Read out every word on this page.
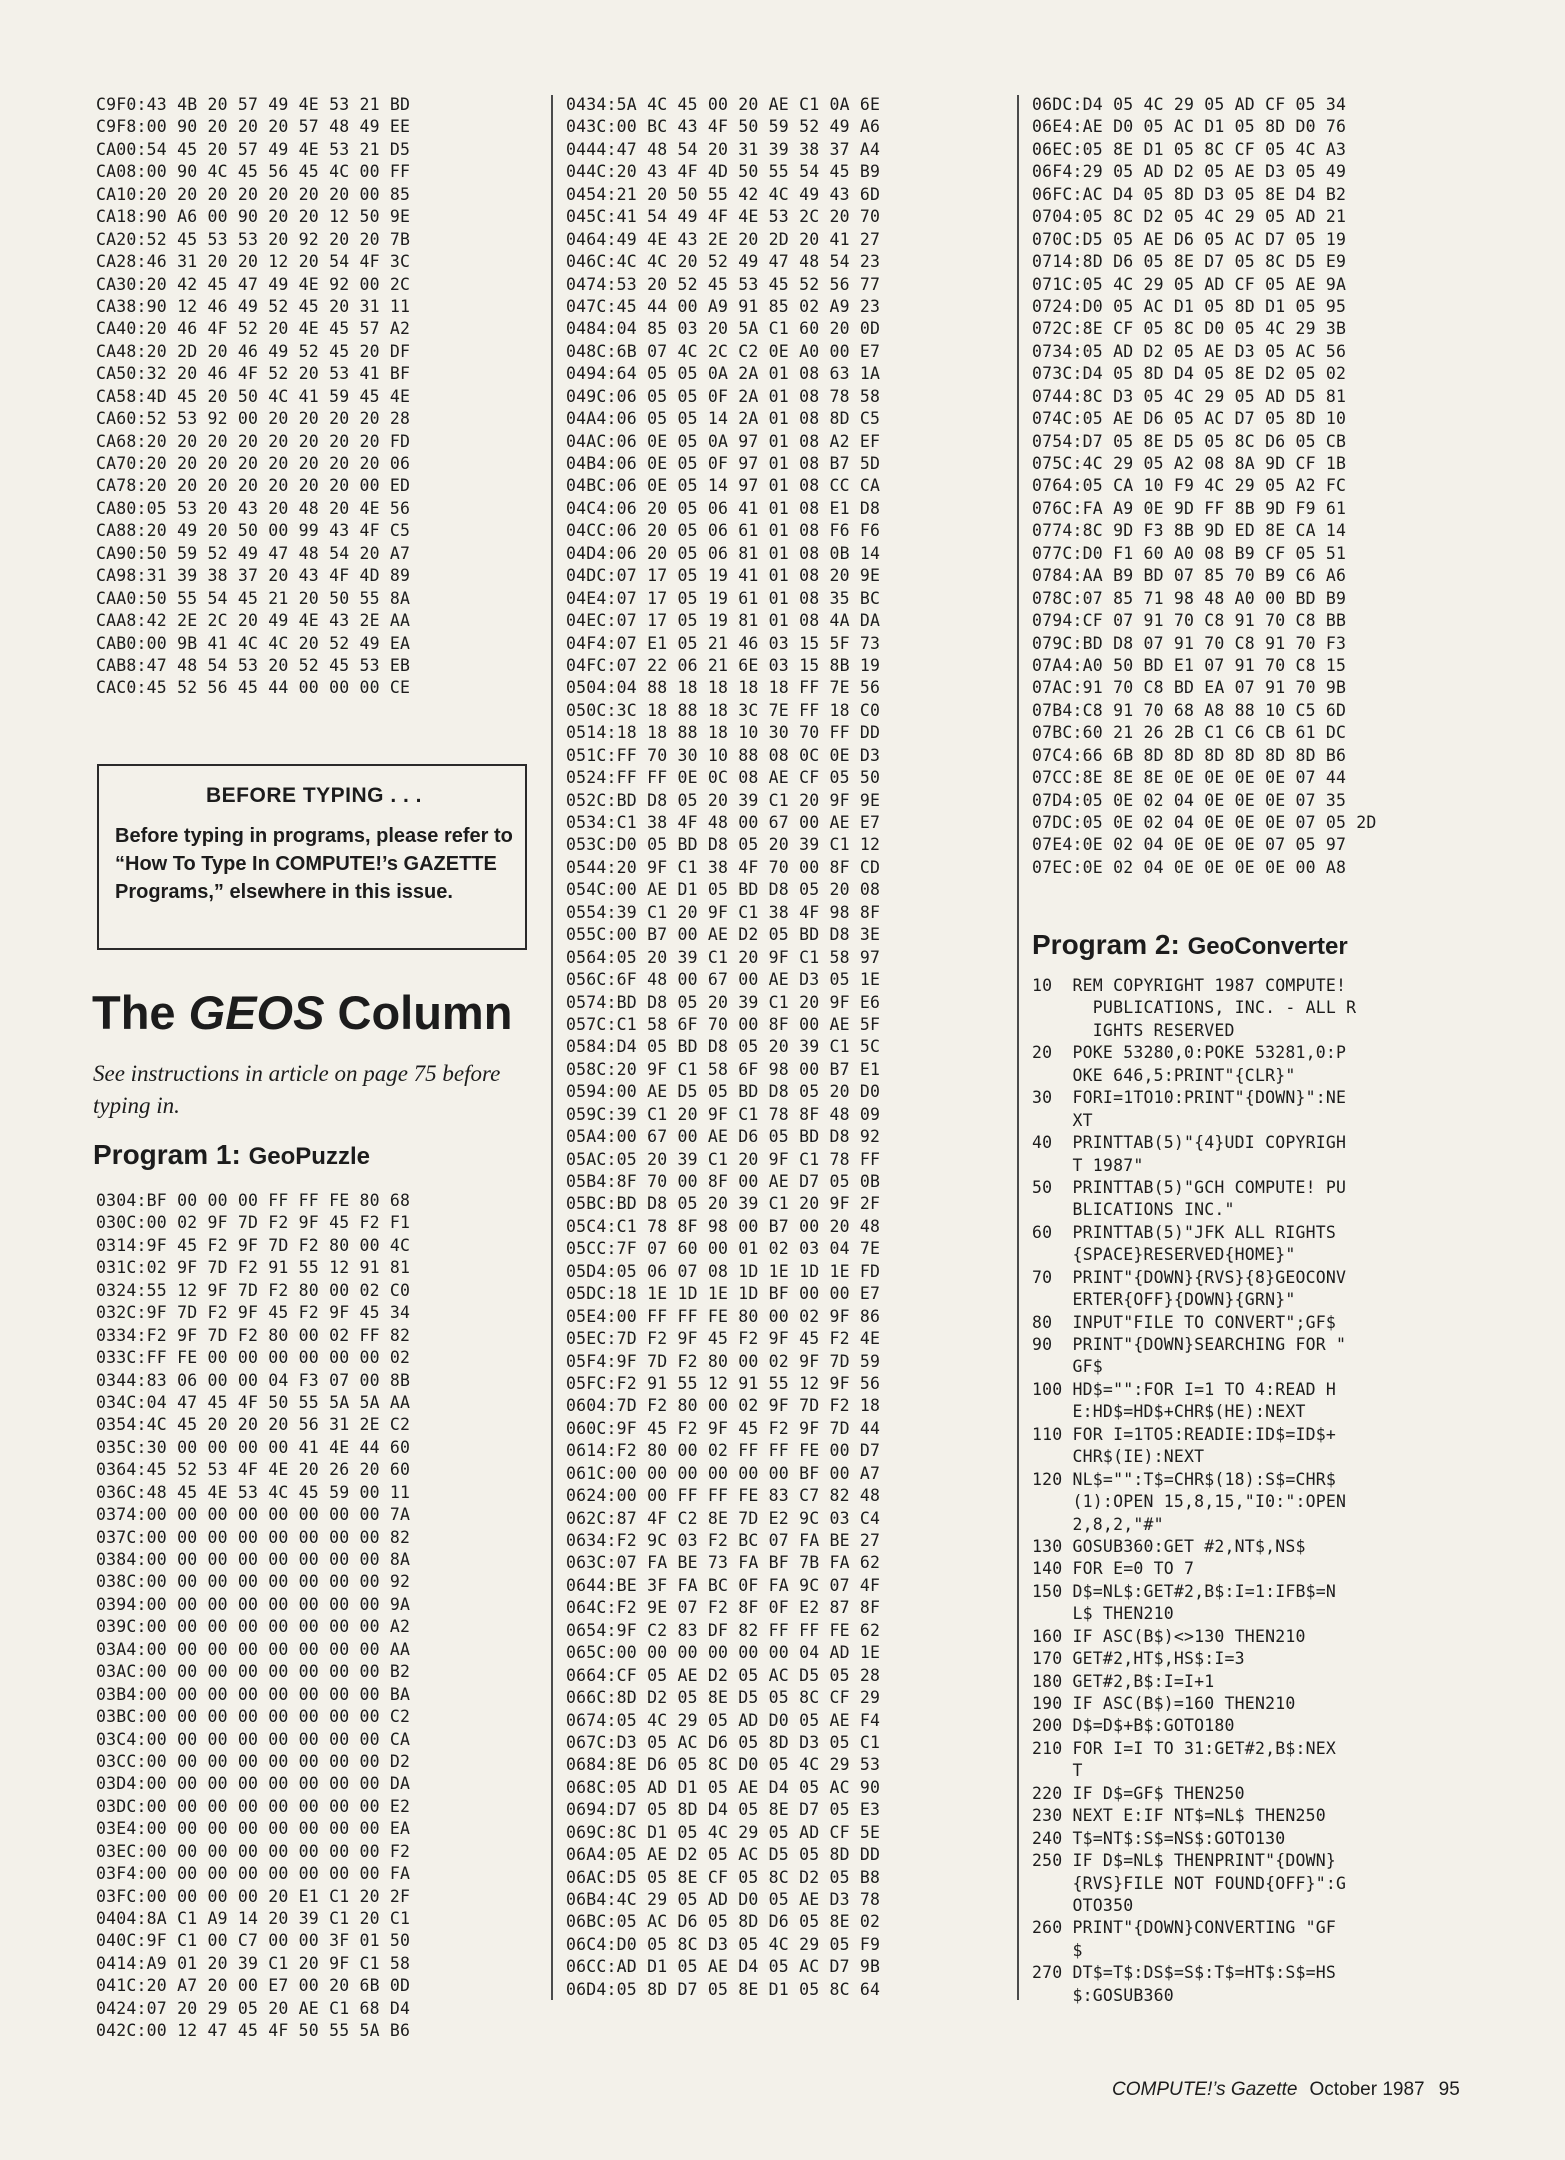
C9F0:43 4B 20 57 49 4E 53 21 BD
C9F8:00 90 20 20 20 57 48 49 EE
CA00:54 45 20 57 49 4E 53 21 D5
CA08:00 90 4C 45 56 45 4C 00 FF
CA10:20 20 20 20 20 20 20 00 85
CA18:90 A6 00 90 20 20 12 50 9E
CA20:52 45 53 53 20 92 20 20 7B
CA28:46 31 20 20 12 20 54 4F 3C
CA30:20 42 45 47 49 4E 92 00 2C
CA38:90 12 46 49 52 45 20 31 11
CA40:20 46 4F 52 20 4E 45 57 A2
CA48:20 2D 20 46 49 52 45 20 DF
CA50:32 20 46 4F 52 20 53 41 BF
CA58:4D 45 20 50 4C 41 59 45 4E
CA60:52 53 92 00 20 20 20 20 28
CA68:20 20 20 20 20 20 20 20 FD
CA70:20 20 20 20 20 20 20 20 06
CA78:20 20 20 20 20 20 20 00 ED
CA80:05 53 20 43 20 48 20 4E 56
CA88:20 49 20 50 00 99 43 4F C5
CA90:50 59 52 49 47 48 54 20 A7
CA98:31 39 38 37 20 43 4F 4D 89
CAA0:50 55 54 45 21 20 50 55 8A
CAA8:42 2E 2C 20 49 4E 43 2E AA
CAB0:00 9B 41 4C 4C 20 52 49 EA
CAB8:47 48 54 53 20 52 45 53 EB
CAC0:45 52 56 45 44 00 00 00 CE
BEFORE TYPING . . .
Before typing in programs, please refer to “How To Type In COMPUTE!’s GAZETTE Programs,” elsewhere in this issue.
The GEOS Column
See instructions in article on page 75 before typing in.
Program 1: GeoPuzzle
0304:BF 00 00 00 FF FF FE 80 68
030C:00 02 9F 7D F2 9F 45 F2 F1
0314:9F 45 F2 9F 7D F2 80 00 4C
031C:02 9F 7D F2 91 55 12 91 81
0324:55 12 9F 7D F2 80 00 02 C0
032C:9F 7D F2 9F 45 F2 9F 45 34
0334:F2 9F 7D F2 80 00 02 FF 82
033C:FF FE 00 00 00 00 00 00 02
0344:83 06 00 00 04 F3 07 00 8B
034C:04 47 45 4F 50 55 5A 5A AA
0354:4C 45 20 20 20 56 31 2E C2
035C:30 00 00 00 00 41 4E 44 60
0364:45 52 53 4F 4E 20 26 20 60
036C:48 45 4E 53 4C 45 59 00 11
0374:00 00 00 00 00 00 00 00 7A
037C:00 00 00 00 00 00 00 00 82
0384:00 00 00 00 00 00 00 00 8A
038C:00 00 00 00 00 00 00 00 92
0394:00 00 00 00 00 00 00 00 9A
039C:00 00 00 00 00 00 00 00 A2
03A4:00 00 00 00 00 00 00 00 AA
03AC:00 00 00 00 00 00 00 00 B2
03B4:00 00 00 00 00 00 00 00 BA
03BC:00 00 00 00 00 00 00 00 C2
03C4:00 00 00 00 00 00 00 00 CA
03CC:00 00 00 00 00 00 00 00 D2
03D4:00 00 00 00 00 00 00 00 DA
03DC:00 00 00 00 00 00 00 00 E2
03E4:00 00 00 00 00 00 00 00 EA
03EC:00 00 00 00 00 00 00 00 F2
03F4:00 00 00 00 00 00 00 00 FA
03FC:00 00 00 00 20 E1 C1 20 2F
0404:8A C1 A9 14 20 39 C1 20 C1
040C:9F C1 00 C7 00 00 3F 01 50
0414:A9 01 20 39 C1 20 9F C1 58
041C:20 A7 20 00 E7 00 20 6B 0D
0424:07 20 29 05 20 AE C1 68 D4
042C:00 12 47 45 4F 50 55 5A B6
0434:5A 4C 45 00 20 AE C1 0A 6E
043C:00 BC 43 4F 50 59 52 49 A6
0444:47 48 54 20 31 39 38 37 A4
044C:20 43 4F 4D 50 55 54 45 B9
0454:21 20 50 55 42 4C 49 43 6D
045C:41 54 49 4F 4E 53 2C 20 70
0464:49 4E 43 2E 20 2D 20 41 27
046C:4C 4C 20 52 49 47 48 54 23
0474:53 20 52 45 53 45 52 56 77
047C:45 44 00 A9 91 85 02 A9 23
0484:04 85 03 20 5A C1 60 20 0D
048C:6B 07 4C 2C C2 0E A0 00 E7
0494:64 05 05 0A 2A 01 08 63 1A
049C:06 05 05 0F 2A 01 08 78 58
04A4:06 05 05 14 2A 01 08 8D C5
04AC:06 0E 05 0A 97 01 08 A2 EF
04B4:06 0E 05 0F 97 01 08 B7 5D
04BC:06 0E 05 14 97 01 08 CC CA
04C4:06 20 05 06 41 01 08 E1 D8
04CC:06 20 05 06 61 01 08 F6 F6
04D4:06 20 05 06 81 01 08 0B 14
04DC:07 17 05 19 41 01 08 20 9E
04E4:07 17 05 19 61 01 08 35 BC
04EC:07 17 05 19 81 01 08 4A DA
04F4:07 E1 05 21 46 03 15 5F 73
04FC:07 22 06 21 6E 03 15 8B 19
0504:04 88 18 18 18 18 FF 7E 56
050C:3C 18 88 18 3C 7E FF 18 C0
0514:18 18 88 18 10 30 70 FF DD
051C:FF 70 30 10 88 08 0C 0E D3
0524:FF FF 0E 0C 08 AE CF 05 50
052C:BD D8 05 20 39 C1 20 9F 9E
0534:C1 38 4F 48 00 67 00 AE E7
053C:D0 05 BD D8 05 20 39 C1 12
0544:20 9F C1 38 4F 70 00 8F CD
054C:00 AE D1 05 BD D8 05 20 08
0554:39 C1 20 9F C1 38 4F 98 8F
055C:00 B7 00 AE D2 05 BD D8 3E
0564:05 20 39 C1 20 9F C1 58 97
056C:6F 48 00 67 00 AE D3 05 1E
0574:BD D8 05 20 39 C1 20 9F E6
057C:C1 58 6F 70 00 8F 00 AE 5F
0584:D4 05 BD D8 05 20 39 C1 5C
058C:20 9F C1 58 6F 98 00 B7 E1
0594:00 AE D5 05 BD D8 05 20 D0
059C:39 C1 20 9F C1 78 8F 48 09
05A4:00 67 00 AE D6 05 BD D8 92
05AC:05 20 39 C1 20 9F C1 78 FF
05B4:8F 70 00 8F 00 AE D7 05 0B
05BC:BD D8 05 20 39 C1 20 9F 2F
05C4:C1 78 8F 98 00 B7 00 20 48
05CC:7F 07 60 00 01 02 03 04 7E
05D4:05 06 07 08 1D 1E 1D 1E FD
05DC:18 1E 1D 1E 1D BF 00 00 E7
05E4:00 FF FF FE 80 00 02 9F 86
05EC:7D F2 9F 45 F2 9F 45 F2 4E
05F4:9F 7D F2 80 00 02 9F 7D 59
05FC:F2 91 55 12 91 55 12 9F 56
0604:7D F2 80 00 02 9F 7D F2 18
060C:9F 45 F2 9F 45 F2 9F 7D 44
0614:F2 80 00 02 FF FF FE 00 D7
061C:00 00 00 00 00 00 BF 00 A7
0624:00 00 FF FF FE 83 C7 82 48
062C:87 4F C2 8E 7D E2 9C 03 C4
0634:F2 9C 03 F2 BC 07 FA BE 27
063C:07 FA BE 73 FA BF 7B FA 62
0644:BE 3F FA BC 0F FA 9C 07 4F
064C:F2 9E 07 F2 8F 0F E2 87 8F
0654:9F C2 83 DF 82 FF FF FE 62
065C:00 00 00 00 00 00 04 AD 1E
0664:CF 05 AE D2 05 AC D5 05 28
066C:8D D2 05 8E D5 05 8C CF 29
0674:05 4C 29 05 AD D0 05 AE F4
067C:D3 05 AC D6 05 8D D3 05 C1
0684:8E D6 05 8C D0 05 4C 29 53
068C:05 AD D1 05 AE D4 05 AC 90
0694:D7 05 8D D4 05 8E D7 05 E3
069C:8C D1 05 4C 29 05 AD CF 5E
06A4:05 AE D2 05 AC D5 05 8D DD
06AC:D5 05 8E CF 05 8C D2 05 B8
06B4:4C 29 05 AD D0 05 AE D3 78
06BC:05 AC D6 05 8D D6 05 8E 02
06C4:D0 05 8C D3 05 4C 29 05 F9
06CC:AD D1 05 AE D4 05 AC D7 9B
06D4:05 8D D7 05 8E D1 05 8C 64
06DC:D4 05 4C 29 05 AD CF 05 34
06E4:AE D0 05 AC D1 05 8D D0 76
06EC:05 8E D1 05 8C CF 05 4C A3
06F4:29 05 AD D2 05 AE D3 05 49
06FC:AC D4 05 8D D3 05 8E D4 B2
0704:05 8C D2 05 4C 29 05 AD 21
070C:D5 05 AE D6 05 AC D7 05 19
0714:8D D6 05 8E D7 05 8C D5 E9
071C:05 4C 29 05 AD CF 05 AE 9A
0724:D0 05 AC D1 05 8D D1 05 95
072C:8E CF 05 8C D0 05 4C 29 3B
0734:05 AD D2 05 AE D3 05 AC 56
073C:D4 05 8D D4 05 8E D2 05 02
0744:8C D3 05 4C 29 05 AD D5 81
074C:05 AE D6 05 AC D7 05 8D 10
0754:D7 05 8E D5 05 8C D6 05 CB
075C:4C 29 05 A2 08 8A 9D CF 1B
0764:05 CA 10 F9 4C 29 05 A2 FC
076C:FA A9 0E 9D FF 8B 9D F9 61
0774:8C 9D F3 8B 9D ED 8E CA 14
077C:D0 F1 60 A0 08 B9 CF 05 51
0784:AA B9 BD 07 85 70 B9 C6 A6
078C:07 85 71 98 48 A0 00 BD B9
0794:CF 07 91 70 C8 91 70 C8 BB
079C:BD D8 07 91 70 C8 91 70 F3
07A4:A0 50 BD E1 07 91 70 C8 15
07AC:91 70 C8 BD EA 07 91 70 9B
07B4:C8 91 70 68 A8 88 10 C5 6D
07BC:60 21 26 2B C1 C6 CB 61 DC
07C4:66 6B 8D 8D 8D 8D 8D 8D B6
07CC:8E 8E 8E 0E 0E 0E 0E 07 44
07D4:05 0E 02 04 0E 0E 0E 07 35
07DC:05 0E 02 04 0E 0E 0E 07 05 2D
07E4:0E 02 04 0E 0E 0E 07 05 97
07EC:0E 02 04 0E 0E 0E 0E 00 A8
Program 2: GeoConverter
10  REM COPYRIGHT 1987 COMPUTE!
PUBLICATIONS, INC. - ALL R
IGHTS RESERVED
20  POKE 53280,0:POKE 53281,0:P
OKE 646,5:PRINT"{CLR}"
30  FORI=1TO10:PRINT"{DOWN}":NE
XT
40  PRINTTAB(5)"{4}UDI COPYRIGH
T 1987"
50  PRINTTAB(5)"GCH COMPUTE! PU
BLICATIONS INC."
60  PRINTTAB(5)"JFK ALL RIGHTS
{SPACE}RESERVED{HOME}"
70  PRINT"{DOWN}{RVS}{8}GEOCONV
ERTER{OFF}{DOWN}{GRN}"
80  INPUT"FILE TO CONVERT";GF$
90  PRINT"{DOWN}SEARCHING FOR "
GF$
100 HD$="":FOR I=1 TO 4:READ H
E:HD$=HD$+CHR$(HE):NEXT
110 FOR I=1TO5:READIE:ID$=ID$+
CHR$(IE):NEXT
120 NL$="":T$=CHR$(18):S$=CHR$
(1):OPEN 15,8,15,"I0:":OPEN
2,8,2,"#"
130 GOSUB360:GET #2,NT$,NS$
140 FOR E=0 TO 7
150 D$=NL$:GET#2,B$:I=1:IFB$=N
L$ THEN210
160 IF ASC(B$)<>130 THEN210
170 GET#2,HT$,HS$:I=3
180 GET#2,B$:I=I+1
190 IF ASC(B$)=160 THEN210
200 D$=D$+B$:GOTO180
210 FOR I=I TO 31:GET#2,B$:NEX
T
220 IF D$=GF$ THEN250
230 NEXT E:IF NT$=NL$ THEN250
240 T$=NT$:S$=NS$:GOTO130
250 IF D$=NL$ THENPRINT"{DOWN}
{RVS}FILE NOT FOUND{OFF}":G
OTO350
260 PRINT"{DOWN}CONVERTING "GF
$
270 DT$=T$:DS$=S$:T$=HT$:S$=HS
$:GOSUB360
COMPUTE!’s Gazette October 1987 95
